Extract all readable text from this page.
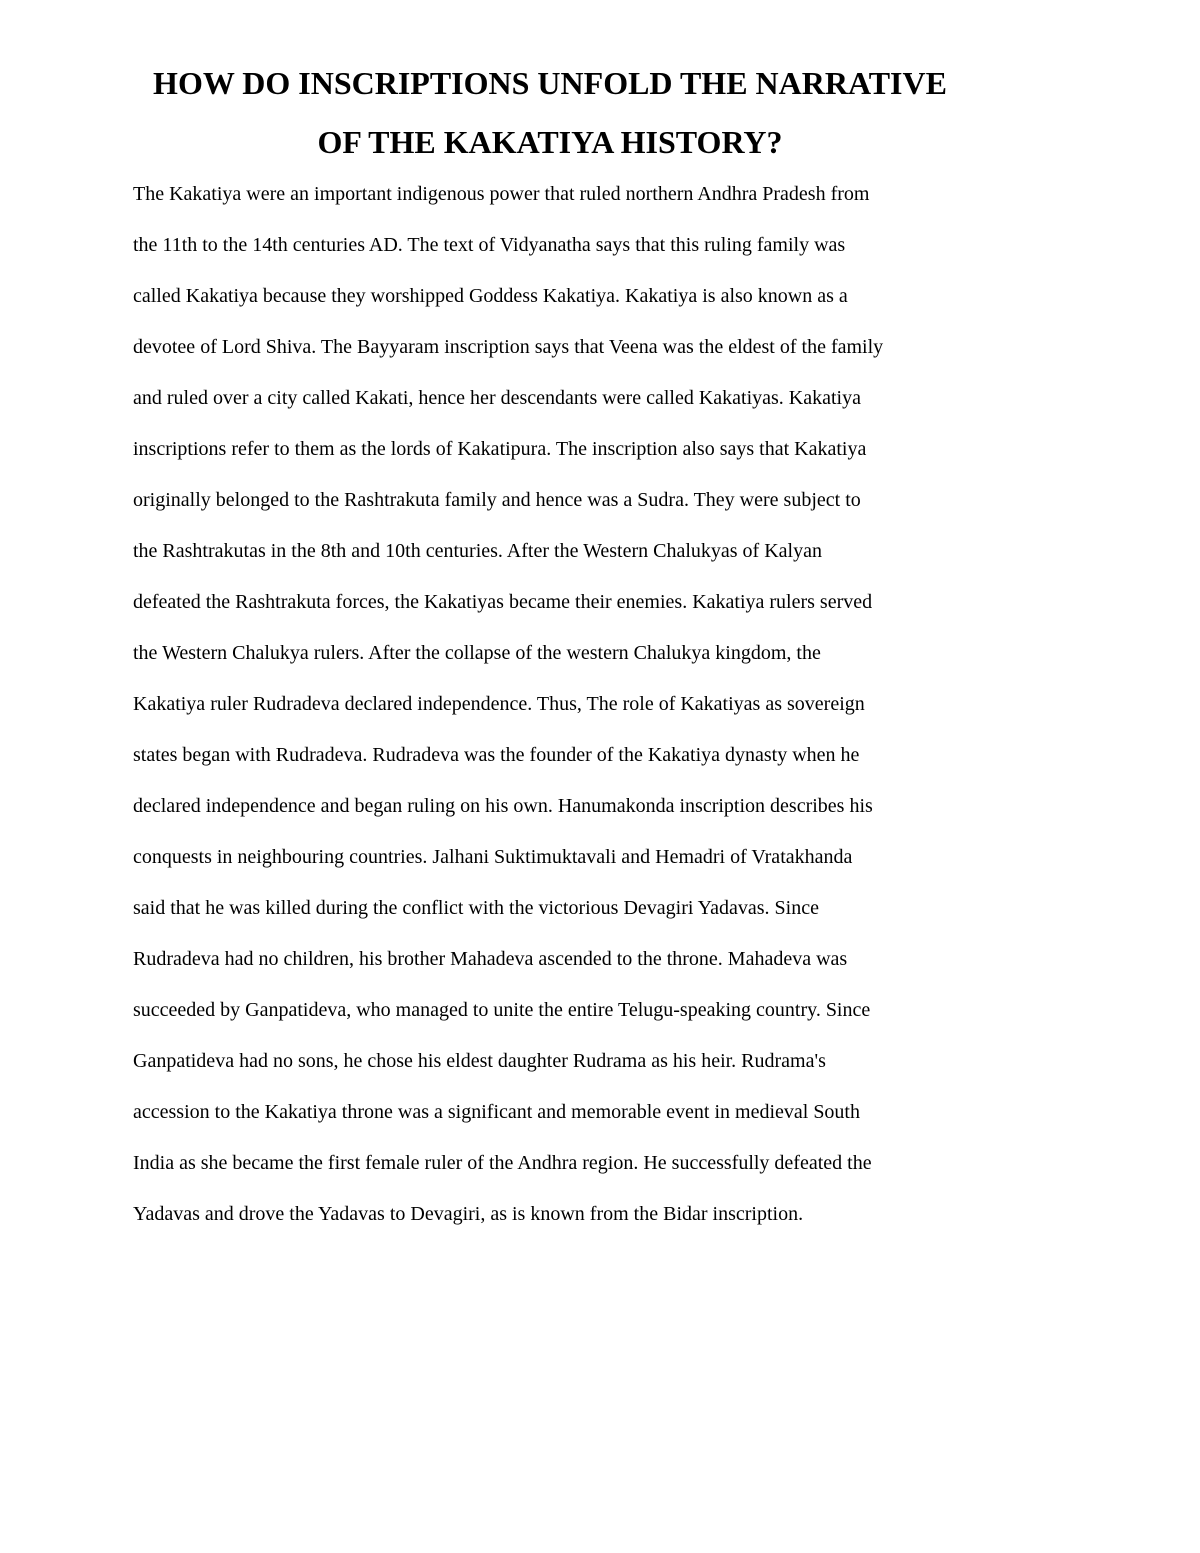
HOW DO INSCRIPTIONS UNFOLD THE NARRATIVE
OF THE KAKATIYA HISTORY?
The Kakatiya were an important indigenous power that ruled northern Andhra Pradesh from
the 11th to the 14th centuries AD. The text of Vidyanatha says that this ruling family was
called Kakatiya because they worshipped Goddess Kakatiya. Kakatiya is also known as a
devotee of Lord Shiva. The Bayyaram inscription says that Veena was the eldest of the family
and ruled over a city called Kakati, hence her descendants were called Kakatiyas. Kakatiya
inscriptions refer to them as the lords of Kakatipura. The inscription also says that Kakatiya
originally belonged to the Rashtrakuta family and hence was a Sudra. They were subject to
the Rashtrakutas in the 8th and 10th centuries. After the Western Chalukyas of Kalyan
defeated the Rashtrakuta forces, the Kakatiyas became their enemies. Kakatiya rulers served
the Western Chalukya rulers. After the collapse of the western Chalukya kingdom, the
Kakatiya ruler Rudradeva declared independence. Thus, The role of Kakatiyas as sovereign
states began with Rudradeva. Rudradeva was the founder of the Kakatiya dynasty when he
declared independence and began ruling on his own. Hanumakonda inscription describes his
conquests in neighbouring countries. Jalhani Suktimuktavali and Hemadri of Vratakhanda
said that he was killed during the conflict with the victorious Devagiri Yadavas. Since
Rudradeva had no children, his brother Mahadeva ascended to the throne. Mahadeva was
succeeded by Ganpatideva, who managed to unite the entire Telugu-speaking country. Since
Ganpatideva had no sons, he chose his eldest daughter Rudrama as his heir. Rudrama's
accession to the Kakatiya throne was a significant and memorable event in medieval South
India as she became the first female ruler of the Andhra region. He successfully defeated the
Yadavas and drove the Yadavas to Devagiri, as is known from the Bidar inscription.
